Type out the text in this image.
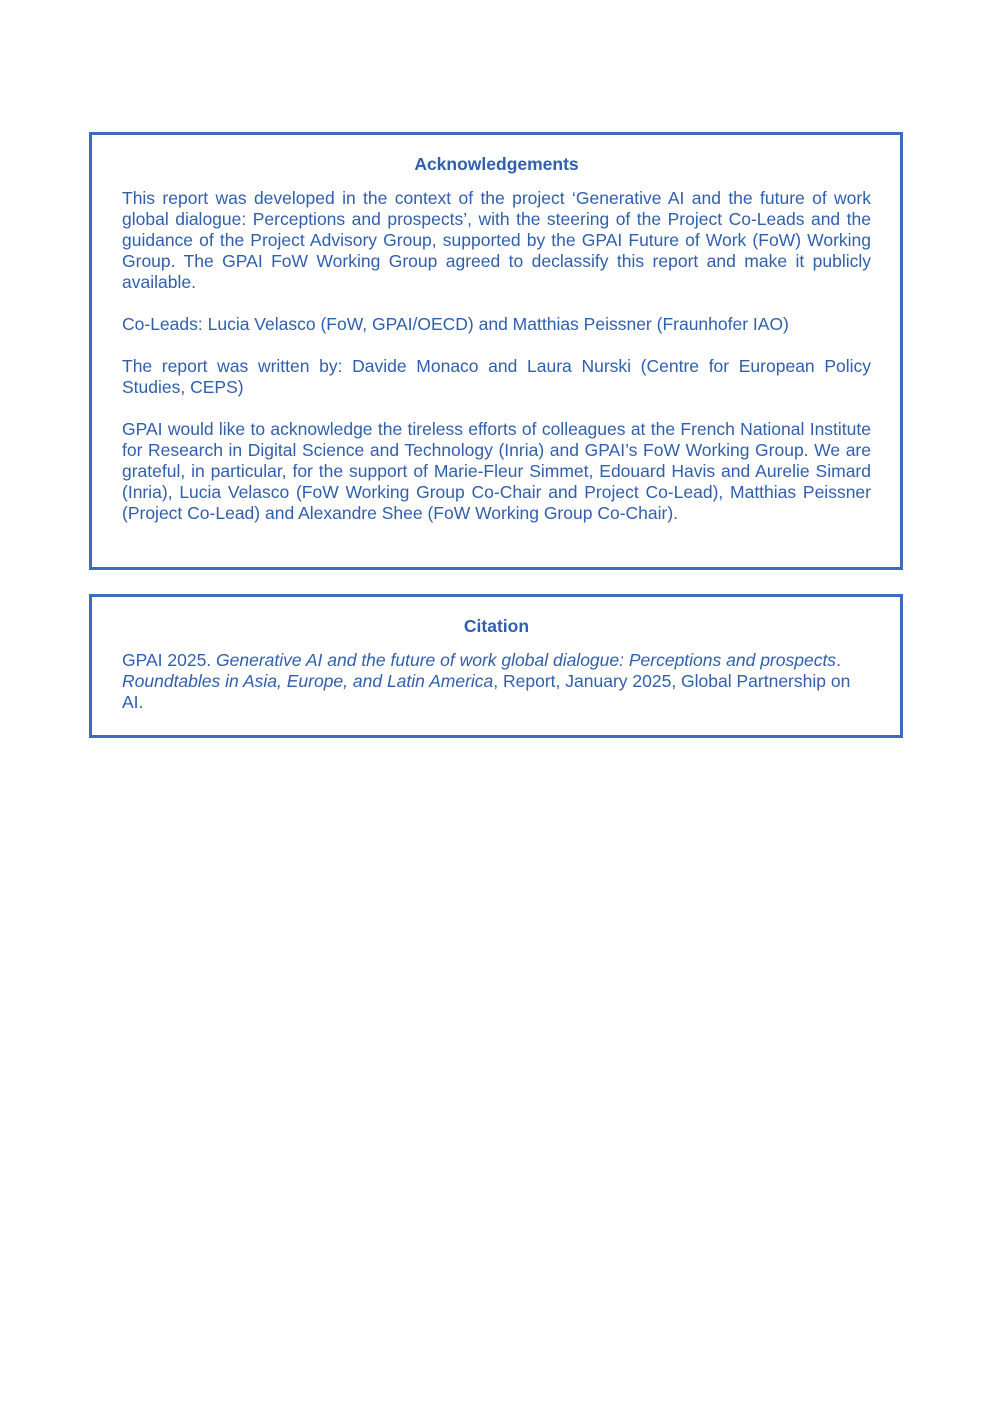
Acknowledgements

This report was developed in the context of the project ‘Generative AI and the future of work global dialogue: Perceptions and prospects’, with the steering of the Project Co-Leads and the guidance of the Project Advisory Group, supported by the GPAI Future of Work (FoW) Working Group. The GPAI FoW Working Group agreed to declassify this report and make it publicly available.

Co-Leads: Lucia Velasco (FoW, GPAI/OECD) and Matthias Peissner (Fraunhofer IAO)

The report was written by: Davide Monaco and Laura Nurski (Centre for European Policy Studies, CEPS)

GPAI would like to acknowledge the tireless efforts of colleagues at the French National Institute for Research in Digital Science and Technology (Inria) and GPAI’s FoW Working Group. We are grateful, in particular, for the support of Marie-Fleur Simmet, Edouard Havis and Aurelie Simard (Inria), Lucia Velasco (FoW Working Group Co-Chair and Project Co-Lead), Matthias Peissner (Project Co-Lead) and Alexandre Shee (FoW Working Group Co-Chair).

Citation

GPAI 2025. Generative AI and the future of work global dialogue: Perceptions and prospects. Roundtables in Asia, Europe, and Latin America, Report, January 2025, Global Partnership on AI.
